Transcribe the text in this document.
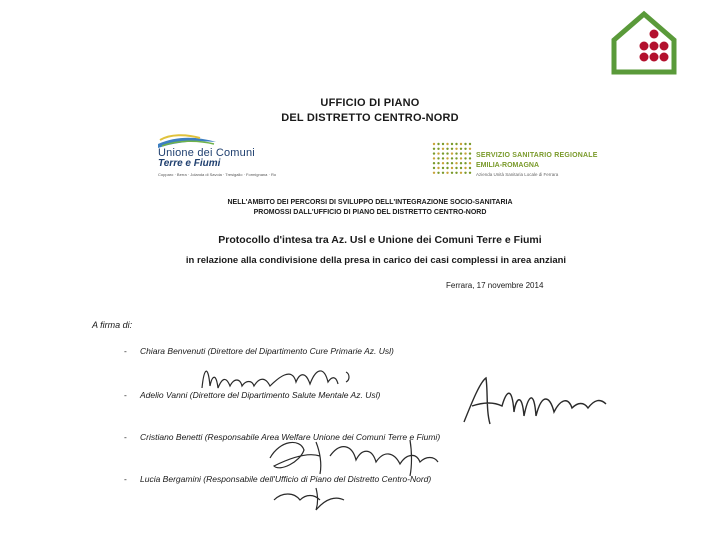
UFFICIO DI PIANO
DEL DISTRETTO CENTRO-NORD
Unione dei Comuni
Terre e Fiumi
Copparo · Berra · Jolanda di Savoia · Tresigallo · Formignana · Ro
SERVIZIO SANITARIO REGIONALE
EMILIA-ROMAGNA
Azienda Unità Sanitaria Locale di Ferrara
NELL'AMBITO DEI PERCORSI DI SVILUPPO DELL'INTEGRAZIONE SOCIO-SANITARIA
PROMOSSI DALL'UFFICIO DI PIANO DEL DISTRETTO CENTRO-NORD
Protocollo d'intesa tra Az. Usl e Unione dei Comuni Terre e Fiumi
in relazione alla condivisione della presa in carico dei casi complessi in area anziani
Ferrara, 17 novembre 2014
A firma di:
- Chiara Benvenuti (Direttore del Dipartimento Cure Primarie Az. Usl)
- Adelio Vanni (Direttore del Dipartimento Salute Mentale Az. Usl)
- Cristiano Benetti (Responsabile Area Welfare Unione dei Comuni Terre e Fiumi)
- Lucia Bergamini (Responsabile dell'Ufficio di Piano del Distretto Centro-Nord)
